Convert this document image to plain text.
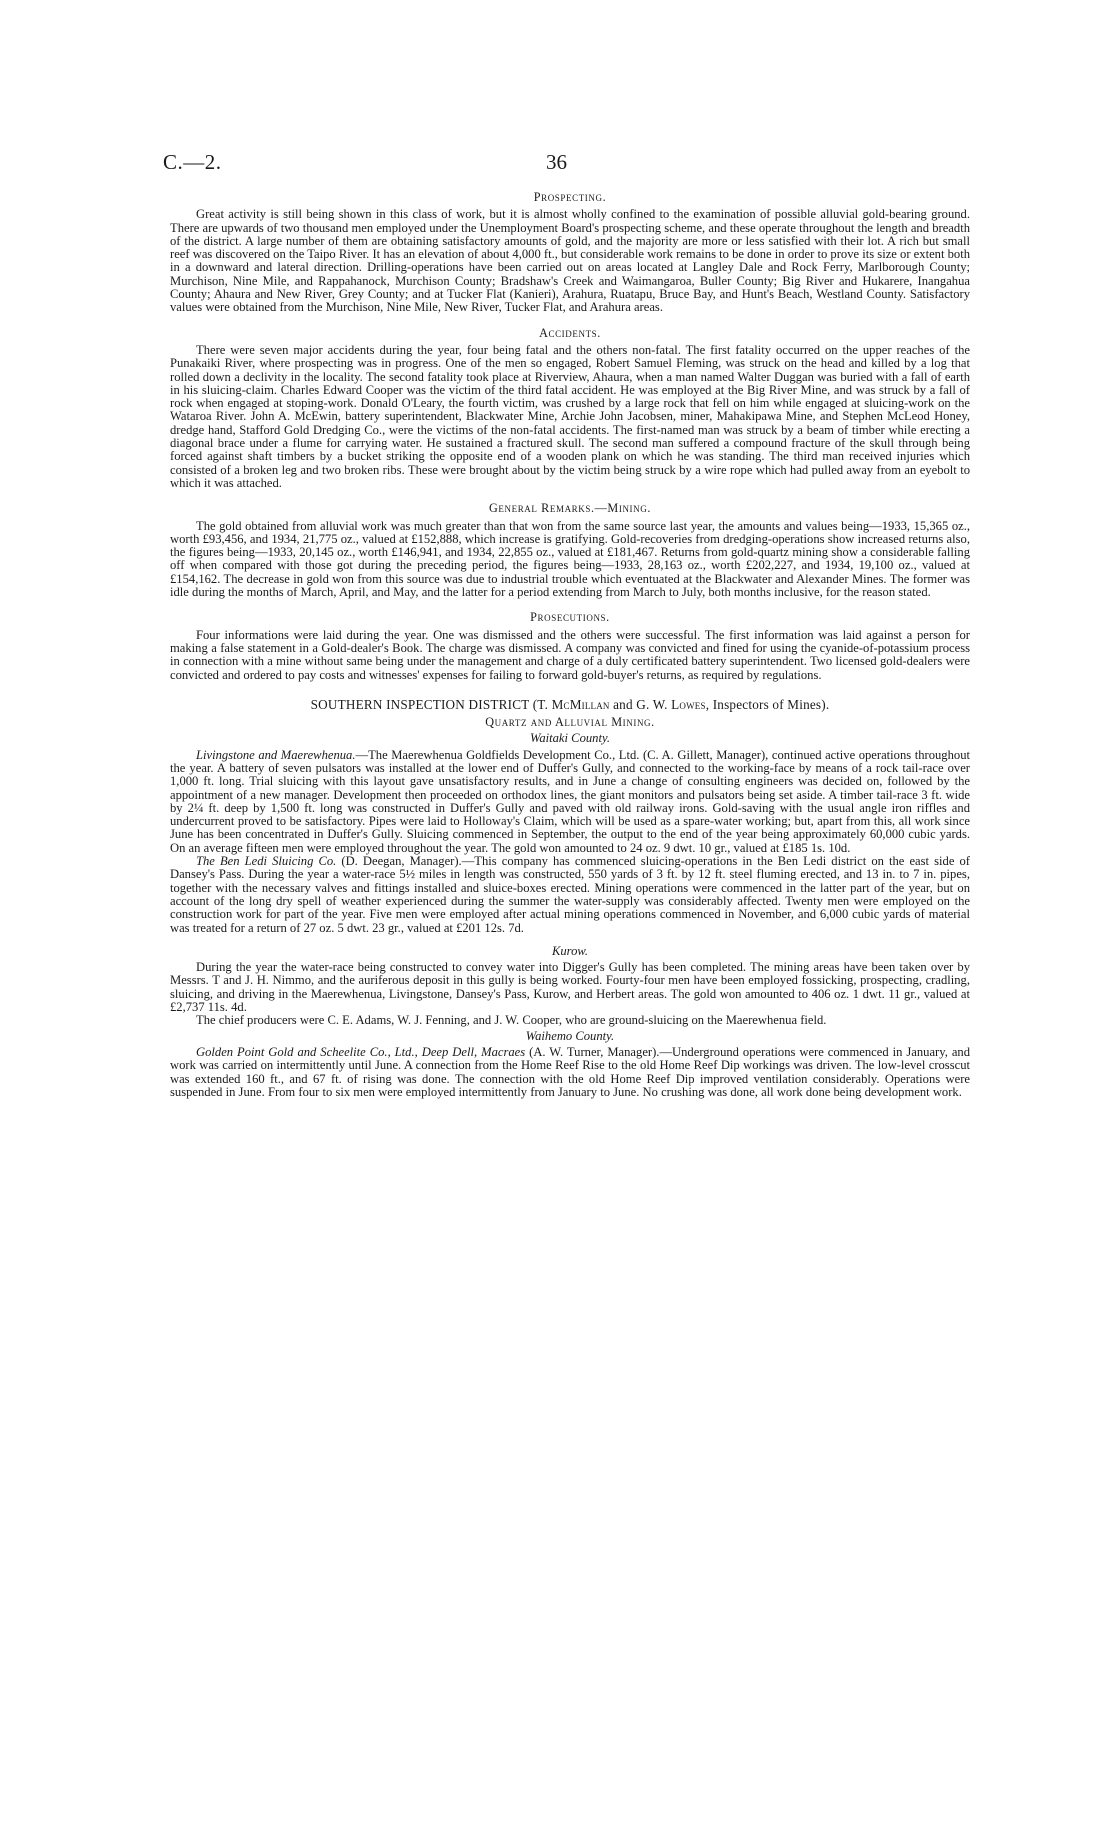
C.—2.	36
Prospecting.

Great activity is still being shown in this class of work, but it is almost wholly confined to the examination of possible alluvial gold-bearing ground. There are upwards of two thousand men employed under the Unemployment Board's prospecting scheme, and these operate throughout the length and breadth of the district. A large number of them are obtaining satisfactory amounts of gold, and the majority are more or less satisfied with their lot. A rich but small reef was discovered on the Taipo River. It has an elevation of about 4,000 ft., but considerable work remains to be done in order to prove its size or extent both in a downward and lateral direction. Drilling-operations have been carried out on areas located at Langley Dale and Rock Ferry, Marlborough County; Murchison, Nine Mile, and Rappahanock, Murchison County; Bradshaw's Creek and Waimangaroa, Buller County; Big River and Hukarere, Inangahua County; Ahaura and New River, Grey County; and at Tucker Flat (Kanieri), Arahura, Ruatapu, Bruce Bay, and Hunt's Beach, Westland County. Satisfactory values were obtained from the Murchison, Nine Mile, New River, Tucker Flat, and Arahura areas.

Accidents.

There were seven major accidents during the year, four being fatal and the others non-fatal. The first fatality occurred on the upper reaches of the Punakaiki River, where prospecting was in progress. One of the men so engaged, Robert Samuel Fleming, was struck on the head and killed by a log that rolled down a declivity in the locality. The second fatality took place at Riverview, Ahaura, when a man named Walter Duggan was buried with a fall of earth in his sluicing-claim. Charles Edward Cooper was the victim of the third fatal accident. He was employed at the Big River Mine, and was struck by a fall of rock when engaged at stoping-work. Donald O'Leary, the fourth victim, was crushed by a large rock that fell on him while engaged at sluicing-work on the Wataroa River. John A. McEwin, battery superintendent, Blackwater Mine, Archie John Jacobsen, miner, Mahakipawa Mine, and Stephen McLeod Honey, dredge hand, Stafford Gold Dredging Co., were the victims of the non-fatal accidents. The first-named man was struck by a beam of timber while erecting a diagonal brace under a flume for carrying water. He sustained a fractured skull. The second man suffered a compound fracture of the skull through being forced against shaft timbers by a bucket striking the opposite end of a wooden plank on which he was standing. The third man received injuries which consisted of a broken leg and two broken ribs. These were brought about by the victim being struck by a wire rope which had pulled away from an eyebolt to which it was attached.

General Remarks.—Mining.

The gold obtained from alluvial work was much greater than that won from the same source last year, the amounts and values being—1933, 15,365 oz., worth £93,456, and 1934, 21,775 oz., valued at £152,888, which increase is gratifying. Gold-recoveries from dredging-operations show increased returns also, the figures being—1933, 20,145 oz., worth £146,941, and 1934, 22,855 oz., valued at £181,467. Returns from gold-quartz mining show a considerable falling off when compared with those got during the preceding period, the figures being—1933, 28,163 oz., worth £202,227, and 1934, 19,100 oz., valued at £154,162. The decrease in gold won from this source was due to industrial trouble which eventuated at the Blackwater and Alexander Mines. The former was idle during the months of March, April, and May, and the latter for a period extending from March to July, both months inclusive, for the reason stated.

Prosecutions.

Four informations were laid during the year. One was dismissed and the others were successful. The first information was laid against a person for making a false statement in a Gold-dealer's Book. The charge was dismissed. A company was convicted and fined for using the cyanide-of-potassium process in connection with a mine without same being under the management and charge of a duly certificated battery superintendent. Two licensed gold-dealers were convicted and ordered to pay costs and witnesses' expenses for failing to forward gold-buyer's returns, as required by regulations.

SOUTHERN INSPECTION DISTRICT (T. McMillan and G. W. Lowes, Inspectors of Mines).
Quartz and Alluvial Mining.
Waitaki County.

Livingstone and Maerewhenua.—The Maerewhenua Goldfields Development Co., Ltd. (C. A. Gillett, Manager), continued active operations throughout the year. A battery of seven pulsators was installed at the lower end of Duffer's Gully, and connected to the working-face by means of a rock tail-race over 1,000 ft. long. Trial sluicing with this layout gave unsatisfactory results, and in June a change of consulting engineers was decided on, followed by the appointment of a new manager. Development then proceeded on orthodox lines, the giant monitors and pulsators being set aside. A timber tail-race 3 ft. wide by 2¼ ft. deep by 1,500 ft. long was constructed in Duffer's Gully and paved with old railway irons. Gold-saving with the usual angle iron riffles and undercurrent proved to be satisfactory. Pipes were laid to Holloway's Claim, which will be used as a spare-water working; but, apart from this, all work since June has been concentrated in Duffer's Gully. Sluicing commenced in September, the output to the end of the year being approximately 60,000 cubic yards. On an average fifteen men were employed throughout the year. The gold won amounted to 24 oz. 9 dwt. 10 gr., valued at £185 1s. 10d.

The Ben Ledi Sluicing Co. (D. Deegan, Manager).—This company has commenced sluicing-operations in the Ben Ledi district on the east side of Dansey's Pass. During the year a water-race 5½ miles in length was constructed, 550 yards of 3 ft. by 12 ft. steel fluming erected, and 13 in. to 7 in. pipes, together with the necessary valves and fittings installed and sluice-boxes erected. Mining operations were commenced in the latter part of the year, but on account of the long dry spell of weather experienced during the summer the water-supply was considerably affected. Twenty men were employed on the construction work for part of the year. Five men were employed after actual mining operations commenced in November, and 6,000 cubic yards of material was treated for a return of 27 oz. 5 dwt. 23 gr., valued at £201 12s. 7d.

Kurow.

During the year the water-race being constructed to convey water into Digger's Gully has been completed. The mining areas have been taken over by Messrs. T and J. H. Nimmo, and the auriferous deposit in this gully is being worked. Fourty-four men have been employed fossicking, prospecting, cradling, sluicing, and driving in the Maerewhenua, Livingstone, Dansey's Pass, Kurow, and Herbert areas. The gold won amounted to 406 oz. 1 dwt. 11 gr., valued at £2,737 11s. 4d.

The chief producers were C. E. Adams, W. J. Fenning, and J. W. Cooper, who are ground-sluicing on the Maerewhenua field.

Waihemo County.

Golden Point Gold and Scheelite Co., Ltd., Deep Dell, Macraes (A. W. Turner, Manager).—Underground operations were commenced in January, and work was carried on intermittently until June. A connection from the Home Reef Rise to the old Home Reef Dip workings was driven. The low-level crosscut was extended 160 ft., and 67 ft. of rising was done. The connection with the old Home Reef Dip improved ventilation considerably. Operations were suspended in June. From four to six men were employed intermittently from January to June. No crushing was done, all work done being development work.
